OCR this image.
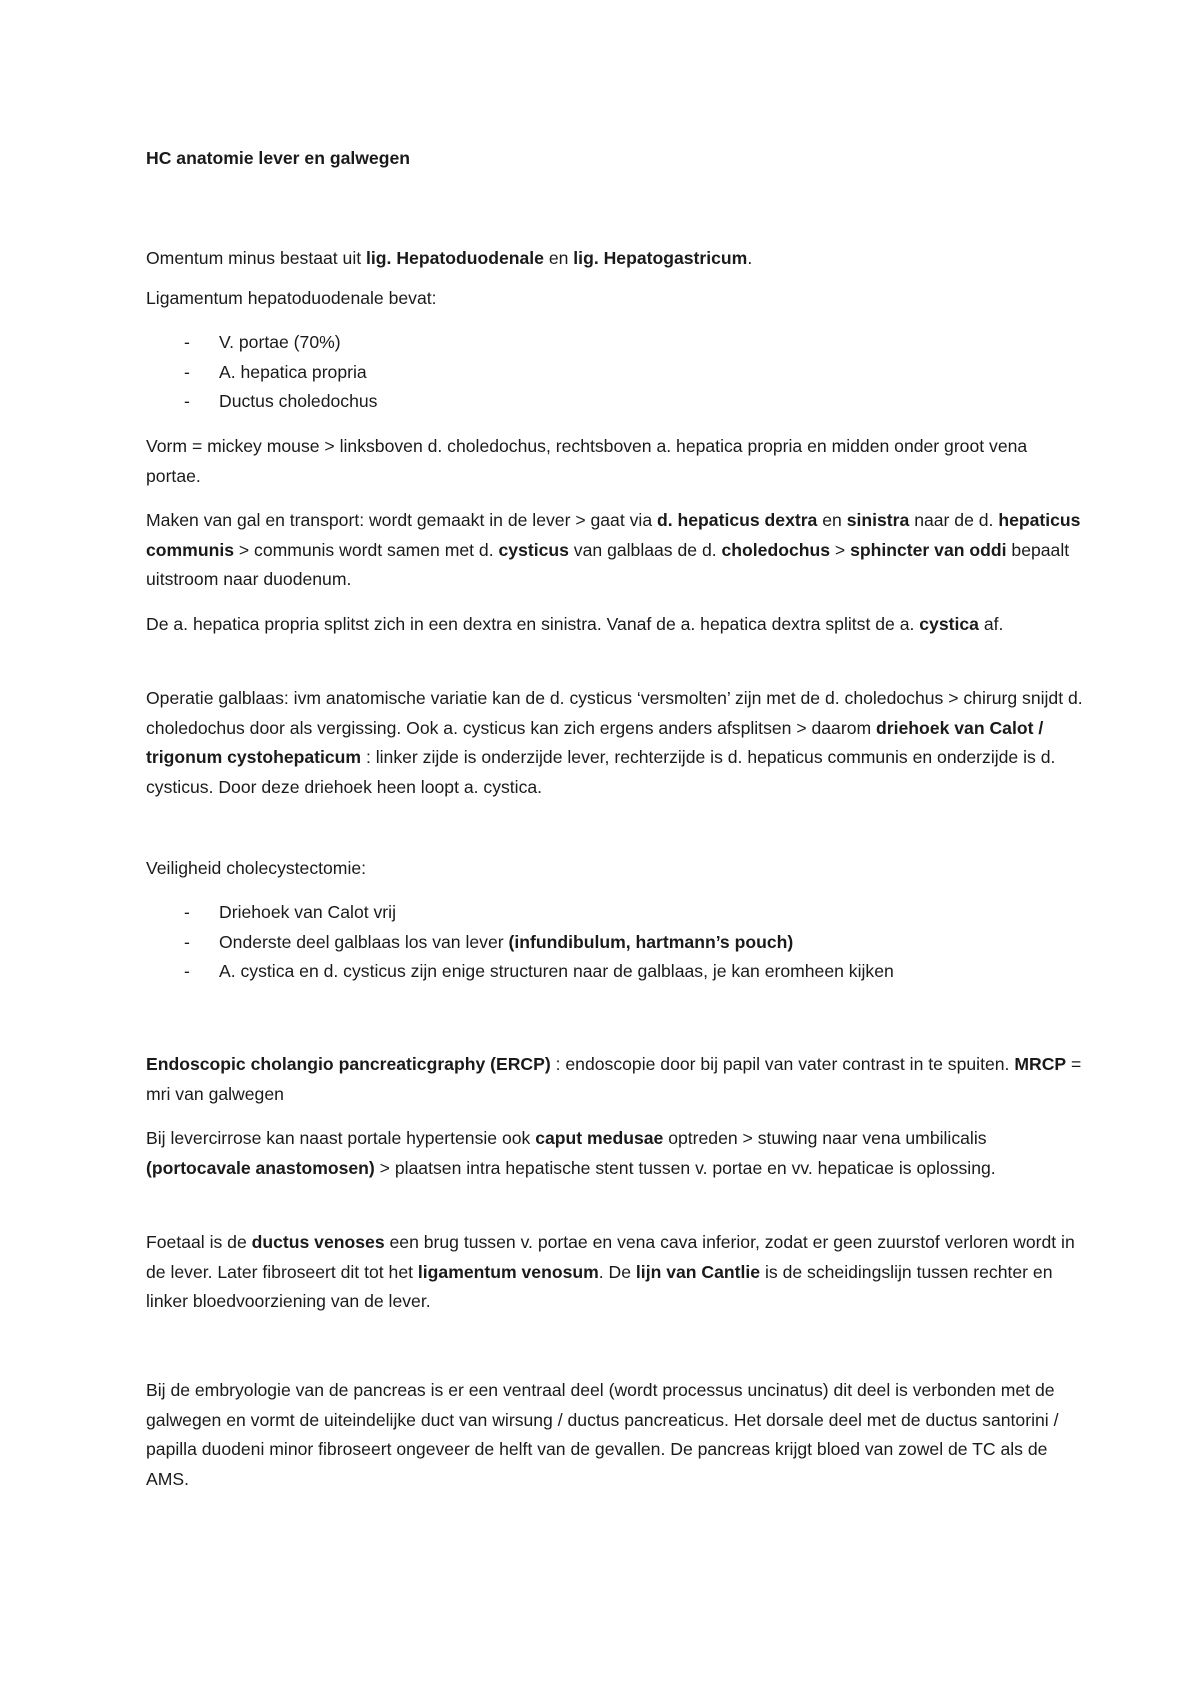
HC anatomie lever en galwegen

Omentum minus bestaat uit lig. Hepatoduodenale en lig. Hepatogastricum.

Ligamentum hepatoduodenale bevat:

- V. portae (70%)
- A. hepatica propria
- Ductus choledochus

Vorm = mickey mouse > linksboven d. choledochus, rechtsboven a. hepatica propria en midden onder groot vena portae.

Maken van gal en transport: wordt gemaakt in de lever > gaat via d. hepaticus dextra en sinistra naar de d. hepaticus communis > communis wordt samen met d. cysticus van galblaas de d. choledochus > sphincter van oddi bepaalt uitstroom naar duodenum.

De a. hepatica propria splitst zich in een dextra en sinistra. Vanaf de a. hepatica dextra splitst de a. cystica af.

Operatie galblaas: ivm anatomische variatie kan de d. cysticus ‘versmolten’ zijn met de d. choledochus > chirurg snijdt d. choledochus door als vergissing. Ook a. cysticus kan zich ergens anders afsplitsen > daarom driehoek van Calot / trigonum cystohepaticum : linker zijde is onderzijde lever, rechterzijde is d. hepaticus communis en onderzijde is d. cysticus. Door deze driehoek heen loopt a. cystica.

Veiligheid cholecystectomie:

- Driehoek van Calot vrij
- Onderste deel galblaas los van lever (infundibulum, hartmann’s pouch)
- A. cystica en d. cysticus zijn enige structuren naar de galblaas, je kan eromheen kijken

Endoscopic cholangio pancreaticgraphy (ERCP) : endoscopie door bij papil van vater contrast in te spuiten. MRCP = mri van galwegen

Bij levercirrose kan naast portale hypertensie ook caput medusae optreden > stuwing naar vena umbilicalis (portocavale anastomosen) > plaatsen intra hepatische stent tussen v. portae en vv. hepaticae is oplossing.

Foetaal is de ductus venoses een brug tussen v. portae en vena cava inferior, zodat er geen zuurstof verloren wordt in de lever. Later fibroseert dit tot het ligamentum venosum. De lijn van Cantlie is de scheidingslijn tussen rechter en linker bloedvoorziening van de lever.

Bij de embryologie van de pancreas is er een ventraal deel (wordt processus uncinatus) dit deel is verbonden met de galwegen en vormt de uiteindelijke duct van wirsung / ductus pancreaticus. Het dorsale deel met de ductus santorini / papilla duodeni minor fibroseert ongeveer de helft van de gevallen. De pancreas krijgt bloed van zowel de TC als de AMS.
